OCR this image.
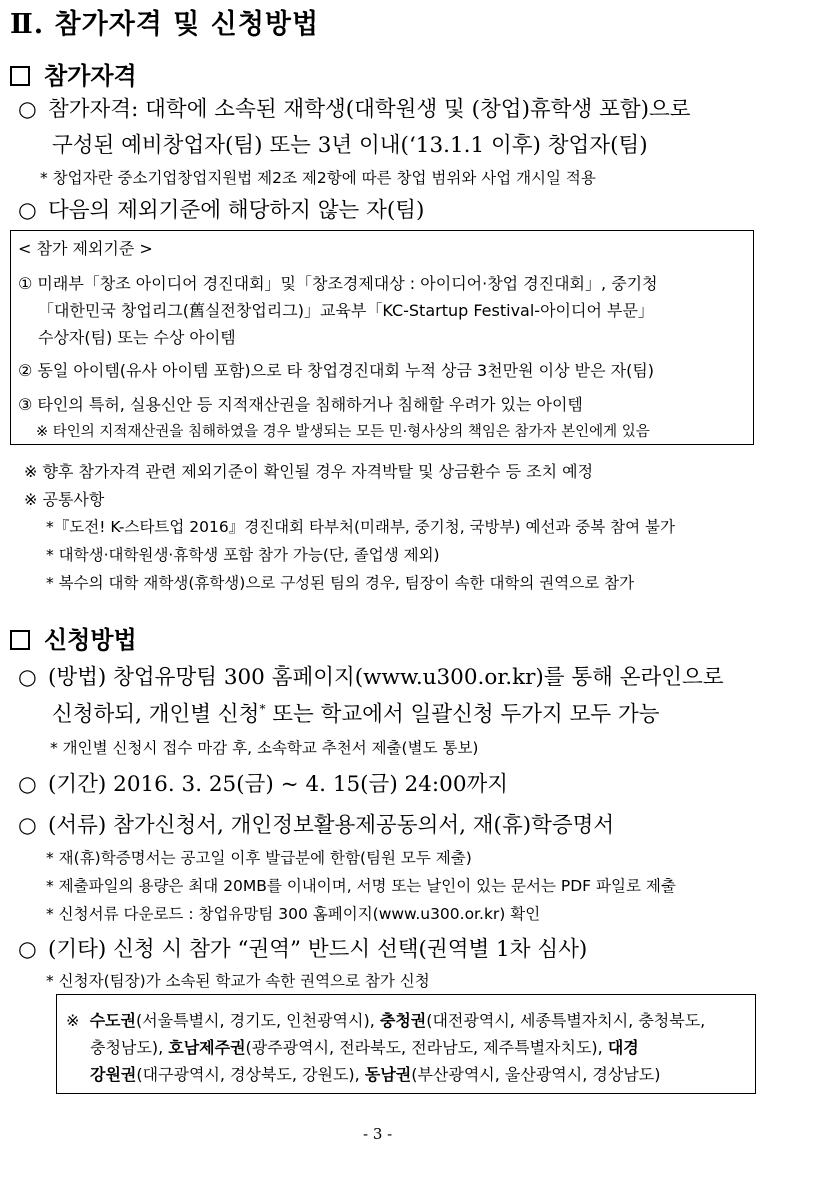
Ⅱ. 참가자격 및 신청방법
참가자격
○ 참가자격: 대학에 소속된 재학생(대학원생 및 (창업)휴학생 포함)으로
구성된 예비창업자(팀) 또는 3년 이내(‘13.1.1 이후) 창업자(팀)
* 창업자란 중소기업창업지원법 제2조 제2항에 따른 창업 범위와 사업 개시일 적용
○ 다음의 제외기준에 해당하지 않는 자(팀)
< 참가 제외기준 >
① 미래부「창조 아이디어 경진대회」및「창조경제대상 : 아이디어·창업 경진대회」, 중기청
「대한민국 창업리그(舊실전창업리그)」교육부「KC-Startup Festival-아이디어 부문」
수상자(팀) 또는 수상 아이템
② 동일 아이템(유사 아이템 포함)으로 타 창업경진대회 누적 상금 3천만원 이상 받은 자(팀)
③ 타인의 특허, 실용신안 등 지적재산권을 침해하거나 침해할 우려가 있는 아이템
※ 타인의 지적재산권을 침해하였을 경우 발생되는 모든 민·형사상의 책임은 참가자 본인에게 있음
※ 향후 참가자격 관련 제외기준이 확인될 경우 자격박탈 및 상금환수 등 조치 예정
※ 공통사항
*『도전! K-스타트업 2016』경진대회 타부처(미래부, 중기청, 국방부) 예선과 중복 참여 불가
* 대학생·대학원생·휴학생 포함 참가 가능(단, 졸업생 제외)
* 복수의 대학 재학생(휴학생)으로 구성된 팀의 경우, 팀장이 속한 대학의 권역으로 참가
신청방법
○ (방법) 창업유망팀 300 홈페이지(www.u300.or.kr)를 통해 온라인으로
신청하되, 개인별 신청* 또는 학교에서 일괄신청 두가지 모두 가능
* 개인별 신청시 접수 마감 후, 소속학교 추천서 제출(별도 통보)
○ (기간) 2016. 3. 25(금) ~ 4. 15(금) 24:00까지
○ (서류) 참가신청서, 개인정보활용제공동의서, 재(휴)학증명서
* 재(휴)학증명서는 공고일 이후 발급분에 한함(팀원 모두 제출)
* 제출파일의 용량은 최대 20MB를 이내이며, 서명 또는 날인이 있는 문서는 PDF 파일로 제출
* 신청서류 다운로드 : 창업유망팀 300 홈페이지(www.u300.or.kr) 확인
○ (기타) 신청 시 참가 “권역” 반드시 선택(권역별 1차 심사)
* 신청자(팀장)가 소속된 학교가 속한 권역으로 참가 신청
※ 수도권(서울특별시, 경기도, 인천광역시), 충청권(대전광역시, 세종특별자치시, 충청북도,
충청남도), 호남제주권(광주광역시, 전라북도, 전라남도, 제주특별자치도), 대경
강원권(대구광역시, 경상북도, 강원도), 동남권(부산광역시, 울산광역시, 경상남도)
- 3 -
